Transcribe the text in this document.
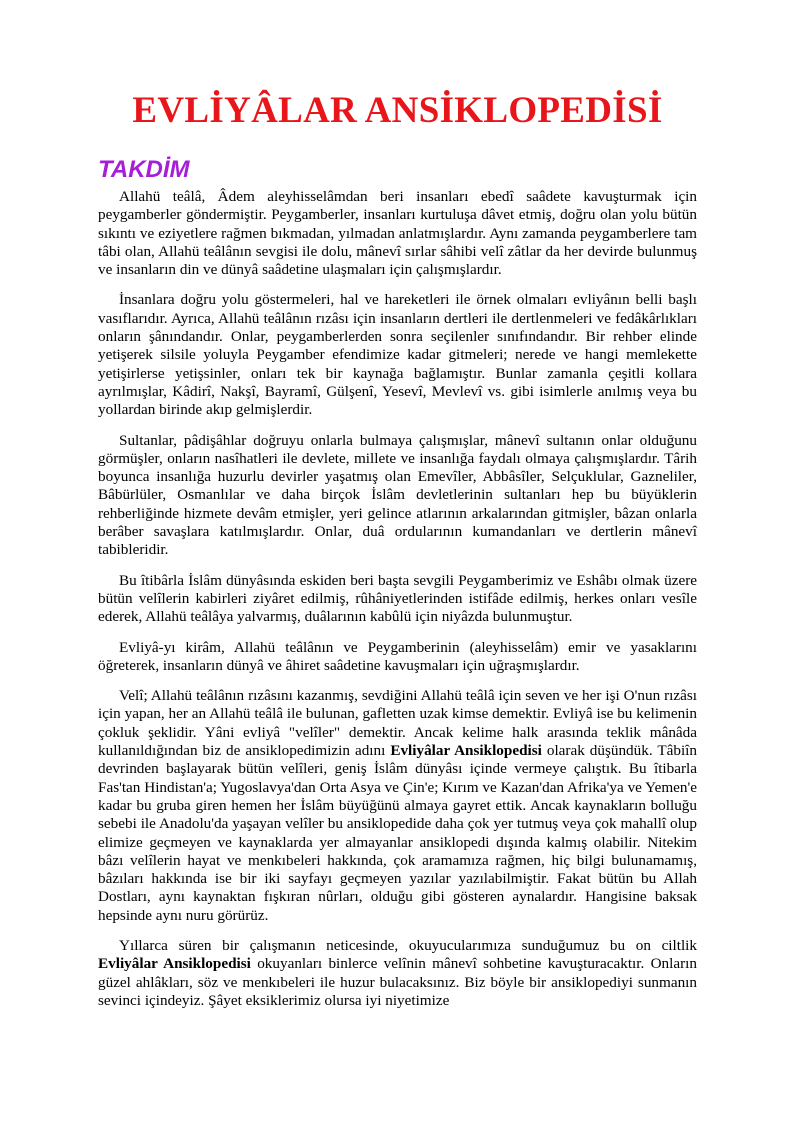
EVLİYÂLAR ANSİKLOPEDİSİ
TAKDİM

Allahü teâlâ, Âdem aleyhisselâmdan beri insanları ebedî saâdete kavuşturmak için peygamberler göndermiştir. Peygamberler, insanları kurtuluşa dâvet etmiş, doğru olan yolu bütün sıkıntı ve eziyetlere rağmen bıkmadan, yılmadan anlatmışlardır. Aynı zamanda peygamberlere tam tâbi olan, Allahü teâlânın sevgisi ile dolu, mânevî sırlar sâhibi velî zâtlar da her devirde bulunmuş ve insanların din ve dünyâ saâdetine ulaşmaları için çalışmışlardır.

İnsanlara doğru yolu göstermeleri, hal ve hareketleri ile örnek olmaları evliyânın belli başlı vasıflarıdır. Ayrıca, Allahü teâlânın rızâsı için insanların dertleri ile dertlenmeleri ve fedâkârlıkları onların şânındandır. Onlar, peygamberlerden sonra seçilenler sınıfındandır. Bir rehber elinde yetişerek silsile yoluyla Peygamber efendimize kadar gitmeleri; nerede ve hangi memlekette yetişirlerse yetişsinler, onları tek bir kaynağa bağlamıştır. Bunlar zamanla çeşitli kollara ayrılmışlar, Kâdirî, Nakşî, Bayramî, Gülşenî, Yesevî, Mevlevî vs. gibi isimlerle anılmış veya bu yollardan birinde akıp gelmişlerdir.

Sultanlar, pâdişâhlar doğruyu onlarla bulmaya çalışmışlar, mânevî sultanın onlar olduğunu görmüşler, onların nasîhatleri ile devlete, millete ve insanlığa faydalı olmaya çalışmışlardır. Târih boyunca insanlığa huzurlu devirler yaşatmış olan Emevîler, Abbâsîler, Selçuklular, Gazneliler, Bâbürlüler, Osmanlılar ve daha birçok İslâm devletlerinin sultanları hep bu büyüklerin rehberliğinde hizmete devâm etmişler, yeri gelince atlarının arkalarından gitmişler, bâzan onlarla berâber savaşlara katılmışlardır. Onlar, duâ ordularının kumandanları ve dertlerin mânevî tabibleridir.

Bu îtibârla İslâm dünyâsında eskiden beri başta sevgili Peygamberimiz ve Eshâbı olmak üzere bütün velîlerin kabirleri ziyâret edilmiş, rûhâniyetlerinden istifâde edilmiş, herkes onları vesîle ederek, Allahü teâlâya yalvarmış, duâlarının kabûlü için niyâzda bulunmuştur.

Evliyâ-yı kirâm, Allahü teâlânın ve Peygamberinin (aleyhisselâm) emir ve yasaklarını öğreterek, insanların dünyâ ve âhiret saâdetine kavuşmaları için uğraşmışlardır.

Velî; Allahü teâlânın rızâsını kazanmış, sevdiğini Allahü teâlâ için seven ve her işi O'nun rızâsı için yapan, her an Allahü teâlâ ile bulunan, gafletten uzak kimse demektir. Evliyâ ise bu kelimenin çokluk şeklidir. Yâni evliyâ "velîler" demektir. Ancak kelime halk arasında teklik mânâda kullanıldığından biz de ansiklopedimizin adını Evliyâlar Ansiklopedisi olarak düşündük. Tâbiîn devrinden başlayarak bütün velîleri, geniş İslâm dünyâsı içinde vermeye çalıştık. Bu îtibarla Fas'tan Hindistan'a; Yugoslavya'dan Orta Asya ve Çin'e; Kırım ve Kazan'dan Afrika'ya ve Yemen'e kadar bu gruba giren hemen her İslâm büyüğünü almaya gayret ettik. Ancak kaynakların bolluğu sebebi ile Anadolu'da yaşayan velîler bu ansiklopedide daha çok yer tutmuş veya çok mahallî olup elimize geçmeyen ve kaynaklarda yer almayanlar ansiklopedi dışında kalmış olabilir. Nitekim bâzı velîlerin hayat ve menkıbeleri hakkında, çok aramamıza rağmen, hiç bilgi bulunamamış, bâzıları hakkında ise bir iki sayfayı geçmeyen yazılar yazılabilmiştir. Fakat bütün bu Allah Dostları, aynı kaynaktan fışkıran nûrları, olduğu gibi gösteren aynalardır. Hangisine baksak hepsinde aynı nuru görürüz.

Yıllarca süren bir çalışmanın neticesinde, okuyucularımıza sunduğumuz bu on ciltlik Evliyâlar Ansiklopedisi okuyanları binlerce velînin mânevî sohbetine kavuşturacaktır. Onların güzel ahlâkları, söz ve menkıbeleri ile huzur bulacaksınız. Biz böyle bir ansiklopediyi sunmanın sevinci içindeyiz. Şâyet eksiklerimiz olursa iyi niyetimize
